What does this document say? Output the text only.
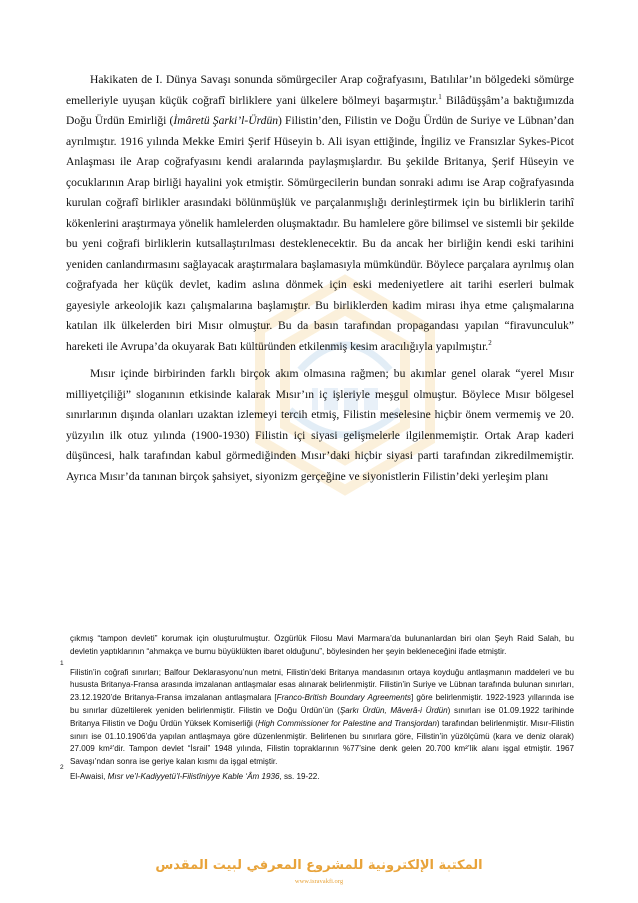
Hakikaten de I. Dünya Savaşı sonunda sömürgeciler Arap coğrafyasını, Batılılar’ın bölgedeki sömürge emelleriyle uyuşan küçük coğrafî birliklere yani ülkelere bölmeyi başarmıştır.$^1$ Bilâdüşşâm’a baktığımızda Doğu Ürdün Emirliği (İmâretü Şarki’l-Ürdün) Filistin’den, Filistin ve Doğu Ürdün de Suriye ve Lübnan’dan ayrılmıştır. 1916 yılında Mekke Emiri Şerif Hüseyin b. Ali isyan ettiğinde, İngiliz ve Fransızlar Sykes-Picot Anlaşması ile Arap coğrafyasını kendi aralarında paylaşmışlardır. Bu şekilde Britanya, Şerif Hüseyin ve çocuklarının Arap birliği hayalini yok etmiştir. Sömürgecilerin bundan sonraki adımı ise Arap coğrafyasında kurulan coğrafî birlikler arasındaki bölünmüşlük ve parçalanmışlığı derinleştirmek için bu birliklerin tarihî kökenlerini araştırmaya yönelik hamlelerden oluşmaktadır. Bu hamlelere göre bilimsel ve sistemli bir şekilde bu yeni coğrafi birliklerin kutsallaştırılması desteklenecektir. Bu da ancak her birliğin kendi eski tarihini yeniden canlandırmasını sağlayacak araştırmalara başlamasıyla mümkündür. Böylece parçalara ayrılmış olan coğrafyada her küçük devlet, kadim aslına dönmek için eski medeniyetlere ait tarihi eserleri bulmak gayesiyle arkeolojik kazı çalışmalarına başlamıştır. Bu birliklerden kadim mirası ihya etme çalışmalarına katılan ilk ülkelerden biri Mısır olmuştur. Bu da basın tarafından propagandası yapılan “firavunculuk” hareketi ile Avrupa’da okuyarak Batı kültüründen etkilenmiş kesim aracılığıyla yapılmıştır.$^2$

Mısır içinde birbirinden farklı birçok akım olmasına rağmen; bu akımlar genel olarak “yerel Mısır milliyetçiliği” sloganının etkisinde kalarak Mısır’ın iç işleriyle meşgul olmuştur. Böylece Mısır bölgesel sınırlarının dışında olanları uzaktan izlemeyi tercih etmiş, Filistin meselesine hiçbir önem vermemiş ve 20. yüzyılın ilk otuz yılında (1900-1930) Filistin içi siyasi gelişmelerle ilgilenmemiştir. Ortak Arap kaderi düşüncesi, halk tarafından kabul görmediğinden Mısır’daki hiçbir siyasi parti tarafından zikredilmemiştir. Ayrıca Mısır’da tanınan birçok şahsiyet, siyonizm gerçeğine ve siyonistlerin Filistin’deki yerleşim planı

çıkmış “tampon devleti” korumak için oluşturulmuştur. Özgürlük Filosu Mavi Marmara’da bulunanlardan biri olan Şeyh Raid Salah, bu devletin yaptıklarının “ahmakça ve burnu büyüklükten ibaret olduğunu”, böylesinden her şeyin bekleneceğini ifade etmiştir.

1
Filistin’in coğrafi sınırları; Balfour Deklarasyonu’nun metni, Filistin’deki Britanya mandasının ortaya koyduğu antlaşmanın maddeleri ve bu hususta Britanya-Fransa arasında imzalanan antlaşmalar esas alınarak belirlenmiştir. Filistin’in Suriye ve Lübnan tarafında bulunan sınırları, 23.12.1920’de Britanya-Fransa imzalanan antlaşmalara [Franco-British Boundary Agreements] göre belirlenmiştir. 1922-1923 yıllarında ise bu sınırlar düzeltilerek yeniden belirlenmiştir. Filistin ve Doğu Ürdün’ün (Şarkı Ürdün, Mâverâ-i Ürdün) sınırları ise 01.09.1922 tarihinde Britanya Filistin ve Doğu Ürdün Yüksek Komiserliği (High Commissioner for Palestine and Transjordan) tarafından belirlenmiştir. Mısır-Filistin sınırı ise 01.10.1906’da yapılan antlaşmaya göre düzenlenmiştir. Belirlenen bu sınırlara göre, Filistin’in yüzölçümü (kara ve deniz olarak) 27.009 km²’dir. Tampon devlet “İsrail” 1948 yılında, Filistin topraklarının %77’sine denk gelen 20.700 km²’lik alanı işgal etmiştir. 1967 Savaşı’ndan sonra ise geriye kalan kısmı da işgal etmiştir.

2
El-Awaisi, Mısr ve’l-Kadiyyetü’l-Filistîniyye Kable ‘Âm 1936, ss. 19-22.

المكتبة الإلكترونية للمشروع المعرفي لبيت المقدس
www.isravakfi.org
